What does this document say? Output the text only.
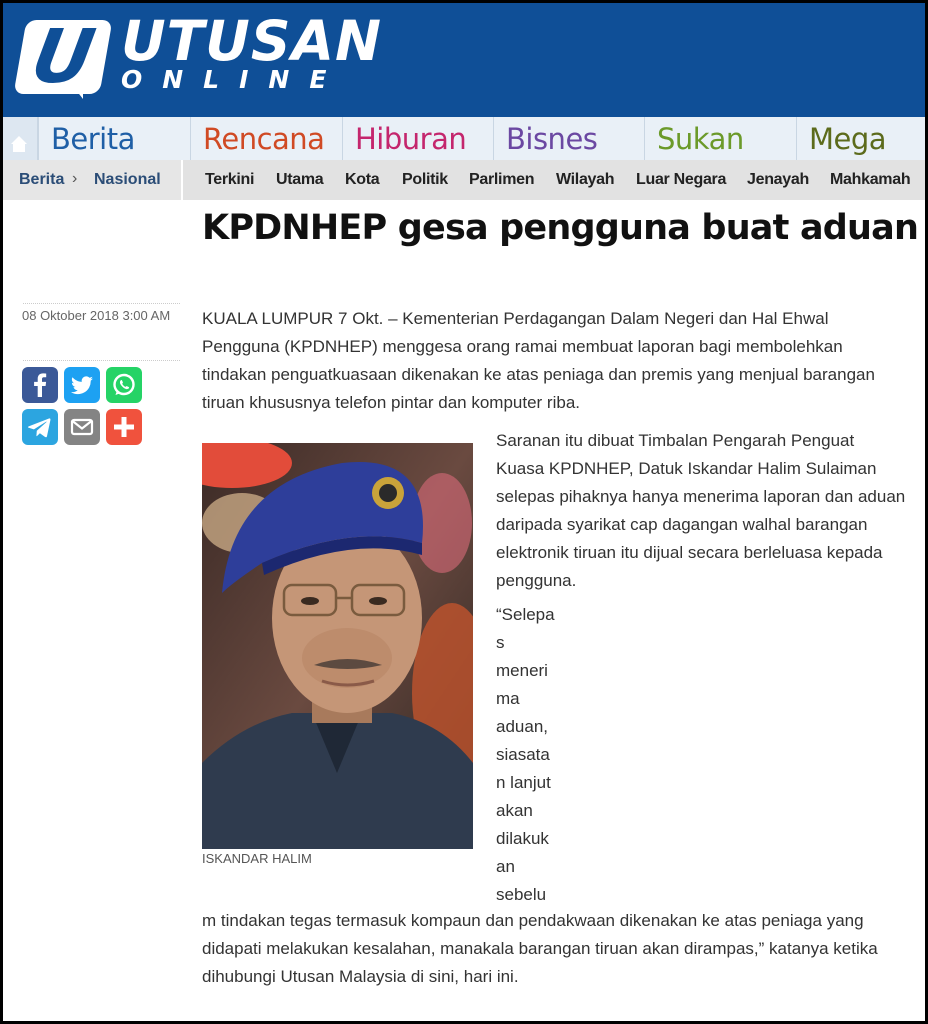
U UTUSAN
ONLINE
Berita	Rencana	Hiburan	Bisnes	Sukan	Mega
Berita › Nasional	Terkini Utama Kota Politik Parlimen Wilayah Luar Negara Jenayah Mahkamah
KPDNHEP gesa pengguna buat aduan
08 Oktober 2018 3:00 AM KUALA LUMPUR 7 Okt. – Kementerian Perdagangan Dalam Negeri dan Hal Ehwal Pengguna (KPDNHEP) menggesa orang ramai membuat laporan bagi membolehkan tindakan penguatkuasaan dikenakan ke atas peniaga dan premis yang menjual barangan tiruan khususnya telefon pintar dan komputer riba.
ISKANDAR HALIM
Saranan itu dibuat Timbalan Pengarah Penguat Kuasa KPDNHEP, Datuk Iskandar Halim Sulaiman selepas pihaknya hanya menerima laporan dan aduan daripada syarikat cap dagangan walhal barangan elektronik tiruan itu dijual secara berleluasa kepada pengguna.
“Selepa
s
meneri
ma
aduan,
siasata
n lanjut
akan
dilakuk
an
sebelu
m tindakan tegas termasuk kompaun dan pendakwaan dikenakan ke atas peniaga yang didapati melakukan kesalahan, manakala barangan tiruan akan dirampas,” katanya ketika dihubungi Utusan Malaysia di sini, hari ini.
